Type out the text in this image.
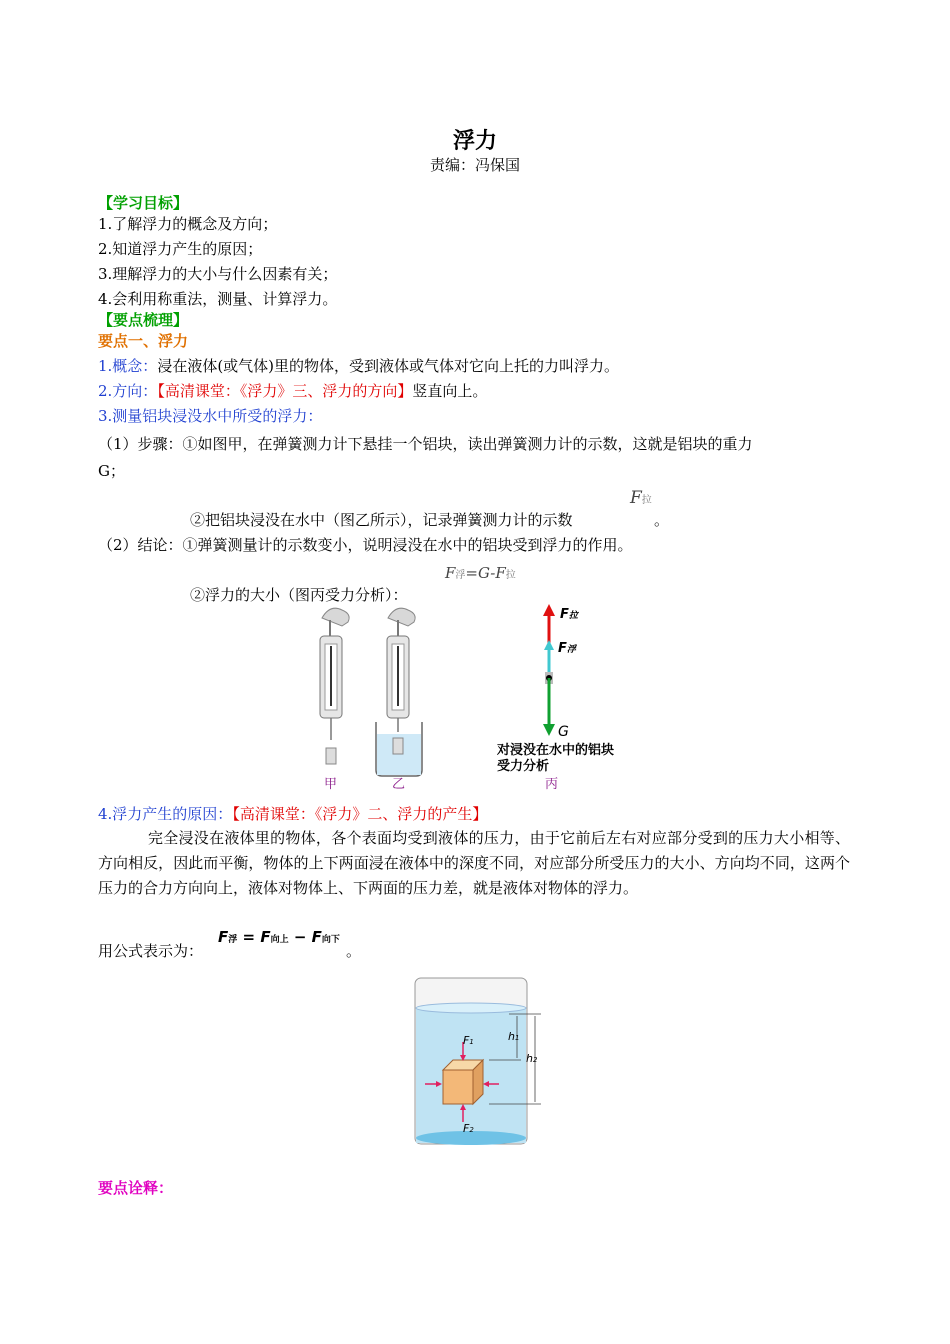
浮力
责编：冯保国
【学习目标】
1.了解浮力的概念及方向；
2.知道浮力产生的原因；
3.理解浮力的大小与什么因素有关；
4.会利用称重法，测量、计算浮力。
【要点梳理】
要点一、浮力
1.概念：浸在液体(或气体)里的物体，受到液体或气体对它向上托的力叫浮力。
2.方向：【高清课堂：《浮力》三、浮力的方向】竖直向上。
3.测量铝块浸没水中所受的浮力：
（1）步骤：①如图甲，在弹簧测力计下悬挂一个铝块，读出弹簧测力计的示数，这就是铝块的重力
G；
②把铝块浸没在水中（图乙所示），记录弹簧测力计的示数
F拉
。
（2）结论：①弹簧测量计的示数变小，说明浸没在水中的铝块受到浮力的作用。
②浮力的大小（图丙受力分析）：
F浮=G-F拉
甲	乙
F拉
F浮
G
对浸没在水中的铝块
受力分析
丙
4.浮力产生的原因：【高清课堂：《浮力》二、浮力的产生】
完全浸没在液体里的物体，各个表面均受到液体的压力，由于它前后左右对应部分受到的压力大小相等、方向相反，因此而平衡，物体的上下两面浸在液体中的深度不同，对应部分所受压力的大小、方向均不同，这两个压力的合力方向向上，液体对物体上、下两面的压力差，就是液体对物体的浮力。
用公式表示为：
F浮 = F向上 − F向下
。
F1
F2
h1
h2
要点诠释：
